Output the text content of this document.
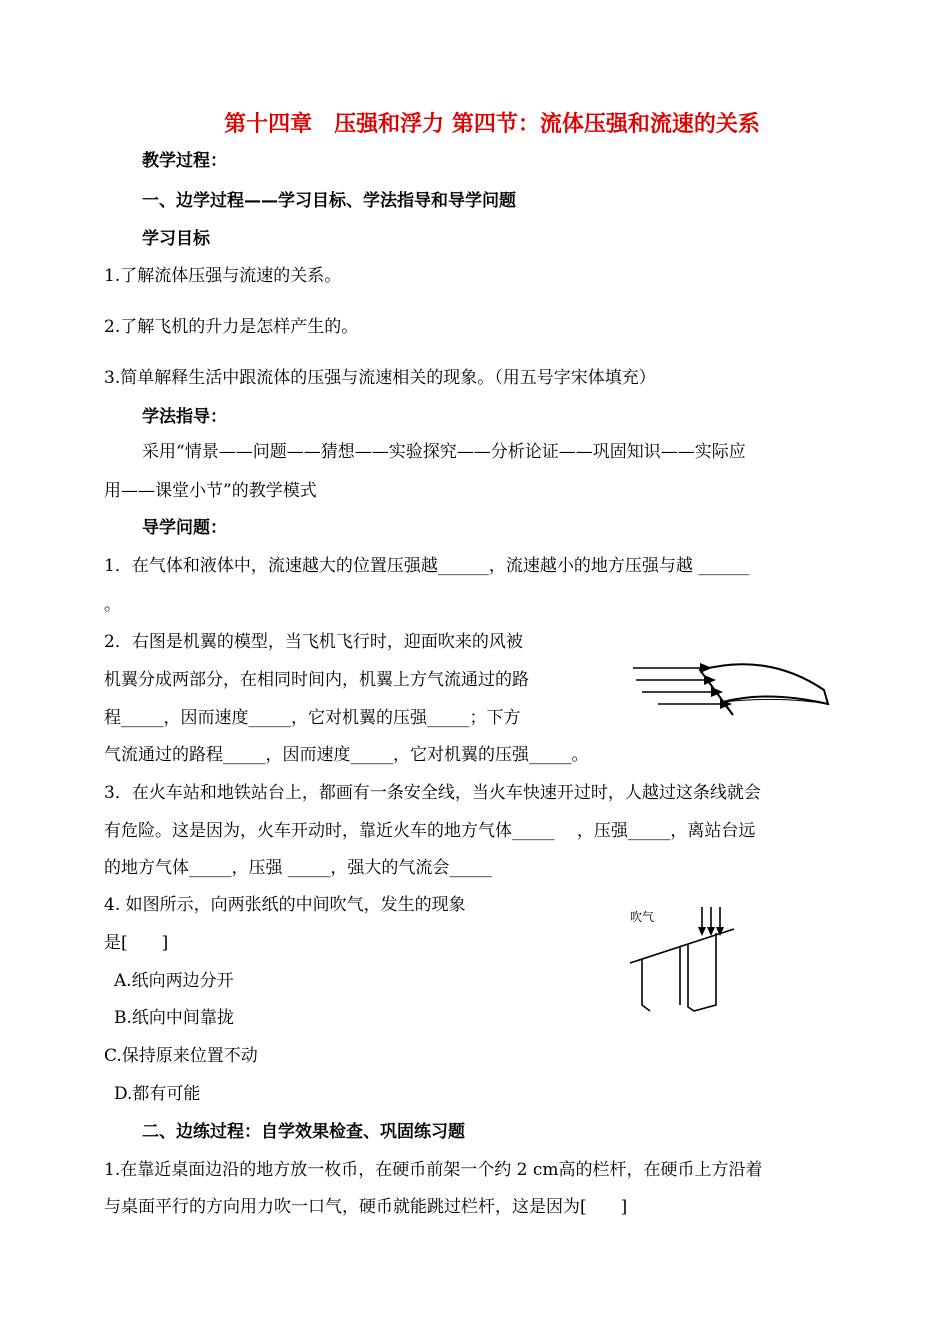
第十四章　压强和浮力 第四节：流体压强和流速的关系
教学过程：
一、边学过程——学习目标、学法指导和导学问题
学习目标
1.了解流体压强与流速的关系。
2.了解飞机的升力是怎样产生的。
3.简单解释生活中跟流体的压强与流速相关的现象。（用五号字宋体填充）
学法指导：
采用“情景——问题——猜想——实验探究——分析论证——巩固知识——实际应
用——课堂小节”的教学模式
导学问题：
1．在气体和液体中，流速越大的位置压强越______，流速越小的地方压强与越 ______
。
2．右图是机翼的模型，当飞机飞行时，迎面吹来的风被
机翼分成两部分，在相同时间内，机翼上方气流通过的路
程_____，因而速度_____，它对机翼的压强_____；下方
气流通过的路程_____，因而速度_____，它对机翼的压强_____。
3．在火车站和地铁站台上，都画有一条安全线，当火车快速开过时，人越过这条线就会
有危险。这是因为，火车开动时，靠近火车的地方气体_____　 ，压强_____，离站台远
的地方气体_____，压强 _____，强大的气流会_____
4. 如图所示，向两张纸的中间吹气，发生的现象
是[　　]
A.纸向两边分开
B.纸向中间靠拢
C.保持原来位置不动
D.都有可能
吹气
二、边练过程：自学效果检查、巩固练习题
1.在靠近桌面边沿的地方放一枚币，在硬币前架一个约 2 cm高的栏杆，在硬币上方沿着
与桌面平行的方向用力吹一口气，硬币就能跳过栏杆，这是因为[　　]
